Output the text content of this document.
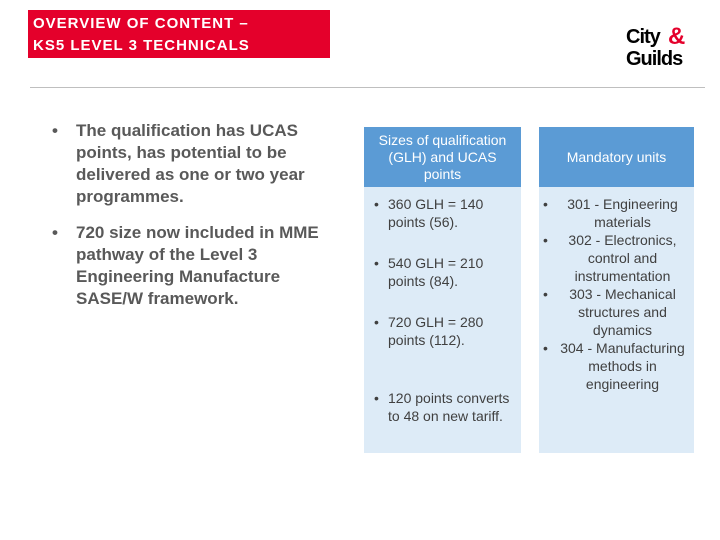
OVERVIEW OF CONTENT –
KS5 LEVEL 3 TECHNICALS	City &
Guilds
• The qualification has UCAS points, has potential to be delivered as one or two year programmes.
• 720 size now included in MME pathway of the Level 3 Engineering Manufacture SASE/W framework.
Sizes of qualification (GLH) and UCAS points
• 360 GLH = 140 points (56).
• 540 GLH = 210 points (84).
• 720 GLH = 280 points (112).
• 120 points converts to 48 on new tariff.
Mandatory units
• 301 - Engineering materials
• 302 - Electronics, control and instrumentation
• 303 - Mechanical structures and dynamics
• 304 - Manufacturing methods in engineering
